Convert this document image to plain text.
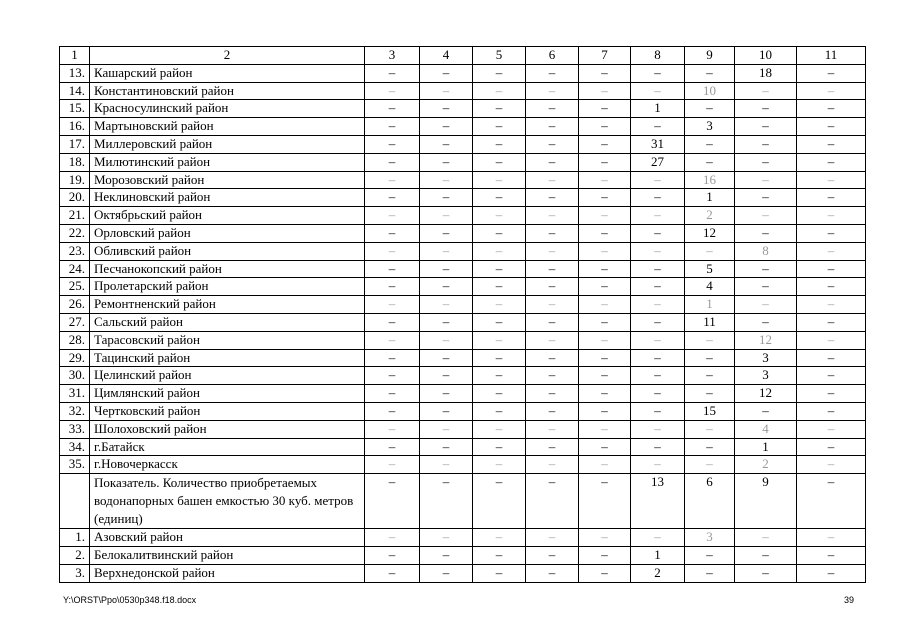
1	2	3	4	5	6	7	8	9	10	11
13.	Кашарский район	–	–	–	–	–	–	–	18	–
14.	Константиновский район	–	–	–	–	–	–	10	–	–
15.	Красносулинский район	–	–	–	–	–	1	–	–	–
16.	Мартыновский район	–	–	–	–	–	–	3	–	–
17.	Миллеровский район	–	–	–	–	–	31	–	–	–
18.	Милютинский район	–	–	–	–	–	27	–	–	–
19.	Морозовский район	–	–	–	–	–	–	16	–	–
20.	Неклиновский район	–	–	–	–	–	–	1	–	–
21.	Октябрьский район	–	–	–	–	–	–	2	–	–
22.	Орловский район	–	–	–	–	–	–	12	–	–
23.	Обливский район	–	–	–	–	–	–	–	8	–
24.	Песчанокопский район	–	–	–	–	–	–	5	–	–
25.	Пролетарский район	–	–	–	–	–	–	4	–	–
26.	Ремонтненский район	–	–	–	–	–	–	1	–	–
27.	Сальский район	–	–	–	–	–	–	11	–	–
28.	Тарасовский район	–	–	–	–	–	–	–	12	–
29.	Тацинский район	–	–	–	–	–	–	–	3	–
30.	Целинский район	–	–	–	–	–	–	–	3	–
31.	Цимлянский район	–	–	–	–	–	–	–	12	–
32.	Чертковский район	–	–	–	–	–	–	15	–	–
33.	Шолоховский район	–	–	–	–	–	–	–	4	–
34.	г.Батайск	–	–	–	–	–	–	–	1	–
35.	г.Новочеркасск	–	–	–	–	–	–	–	2	–
	Показатель. Количество приобретаемых водонапорных башен емкостью 30 куб. метров (единиц)	–	–	–	–	–	13	6	9	–
1.	Азовский район	–	–	–	–	–	–	3	–	–
2.	Белокалитвинский район	–	–	–	–	–	1	–	–	–
3.	Верхнедонской район	–	–	–	–	–	2	–	–	–
Y:\ORST\Ppo\0530p348.f18.docx	39
